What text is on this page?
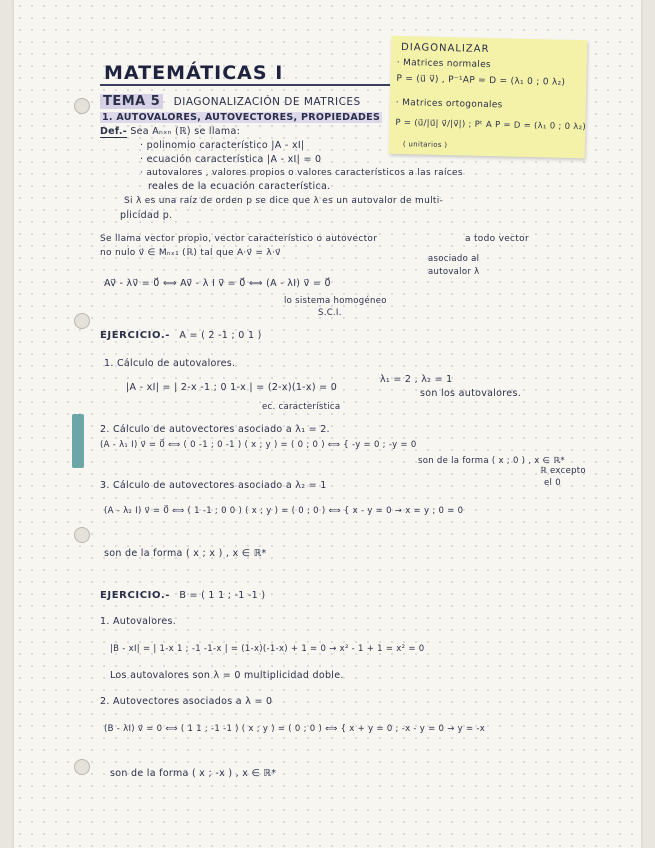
DIAGONALIZAR
· Matrices normales
P = (u⃗ v⃗) , P⁻¹AP = D = (λ₁ 0 ; 0 λ₂)
· Matrices ortogonales
P = (u⃗/|u⃗| v⃗/|v⃗|) ; Pᵗ A P = D = (λ₁ 0 ; 0 λ₂)
( unitarios )
MATEMÁTICAS I
TEMA 5 DIAGONALIZACIÓN DE MATRICES
1. AUTOVALORES, AUTOVECTORES, PROPIEDADES
Def.- Sea Aₙₓₙ (ℝ) se llama:
· polinomio característico |A - xI|
· ecuación característica |A - xI| = 0
· autovalores , valores propios o valores característicos a las raíces
reales de la ecuación característica.
Si λ es una raíz de orden p se dice que λ es un autovalor de multi-
plicidad p.
Se llama vector propio, vector característico o autovector	a todo vector
no nulo v⃗ ∈ Mₙₓ₁ (ℝ) tal que A·v⃗ = λ·v⃗
asociado al
autovalor λ
Av⃗ - λv⃗ = 0⃗ ⟺ Av⃗ - λ I v⃗ = 0⃗ ⟺ (A - λI) v⃗ = 0⃗
lo sistema homogéneo
S.C.I.
EJERCICIO.- A = ( 2 -1 ; 0 1 )
1. Cálculo de autovalores.
|A - xI| = | 2-x -1 ; 0 1-x | = (2-x)(1-x) = 0
ec. característica
λ₁ = 2 , λ₂ = 1
son los autovalores.
2. Cálculo de autovectores asociado a λ₁ = 2.
(A - λ₁ I) v⃗ = 0⃗ ⟺ ( 0 -1 ; 0 -1 ) ( x ; y ) = ( 0 ; 0 ) ⟺ { -y = 0 ; -y = 0
son de la forma ( x ; 0 ) , x ∈ ℝ*
ℝ excepto
el 0
3. Cálculo de autovectores asociado a λ₂ = 1
(A - λ₂ I) v⃗ = 0⃗ ⟺ ( 1 -1 ; 0 0 ) ( x ; y ) = ( 0 ; 0 ) ⟺ { x - y = 0 → x = y ; 0 = 0
son de la forma ( x ; x ) , x ∈ ℝ*
EJERCICIO.- B = ( 1 1 ; -1 -1 )
1. Autovalores.
|B - xI| = | 1-x 1 ; -1 -1-x | = (1-x)(-1-x) + 1 = 0 → x² - 1 + 1 = x² = 0
Los autovalores son λ = 0 multiplicidad doble.
2. Autovectores asociados a λ = 0
(B - λI) v⃗ = 0 ⟺ ( 1 1 ; -1 -1 ) ( x ; y ) = ( 0 ; 0 ) ⟺ { x + y = 0 ; -x - y = 0 → y = -x
son de la forma ( x ; -x ) , x ∈ ℝ*
